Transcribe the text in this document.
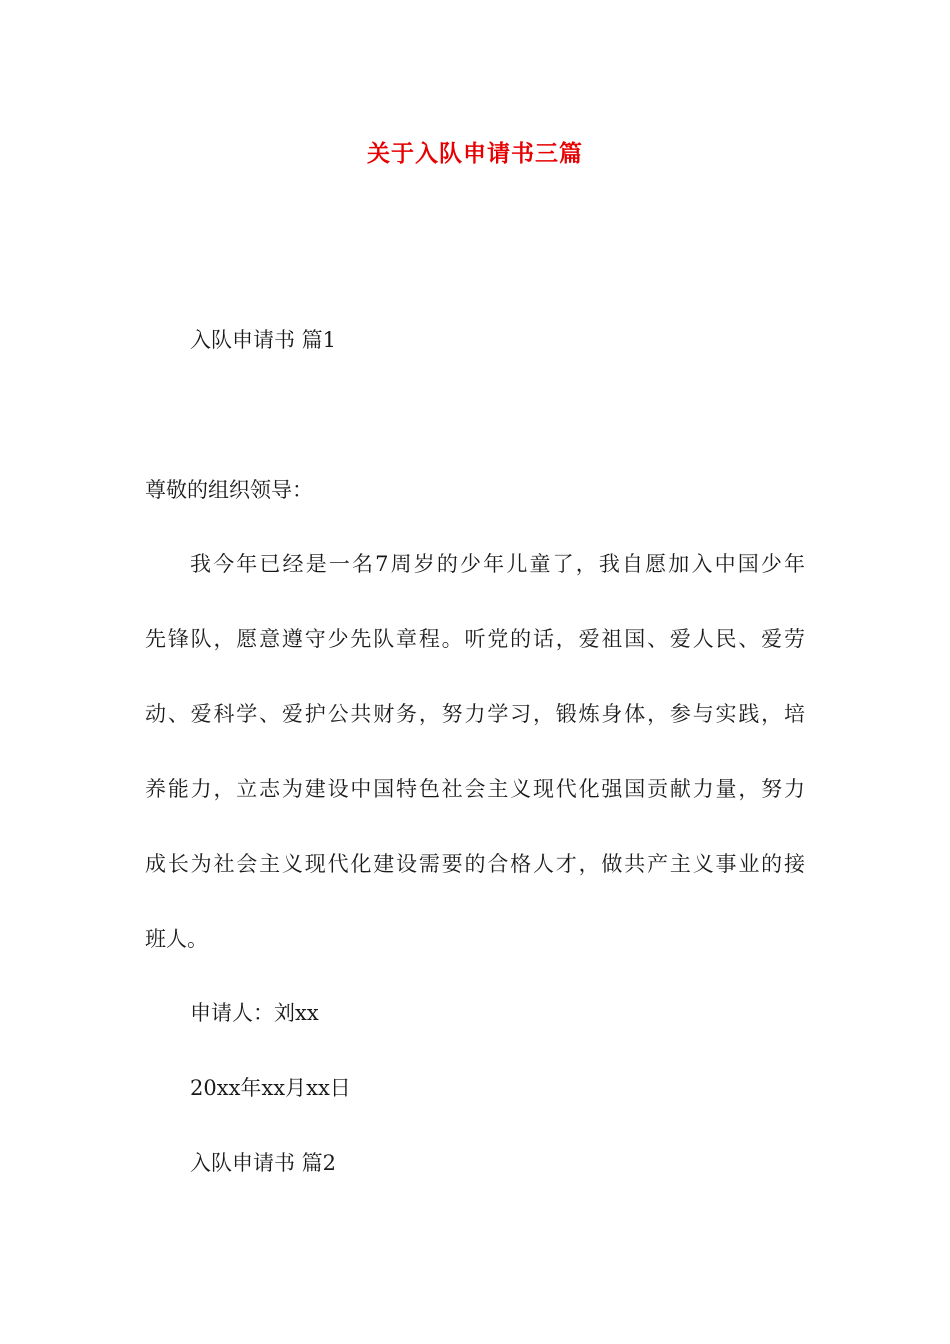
关于入队申请书三篇
入队申请书 篇1
尊敬的组织领导：
我今年已经是一名7周岁的少年儿童了，我自愿加入中国少年
先锋队，愿意遵守少先队章程。听党的话，爱祖国、爱人民、爱劳
动、爱科学、爱护公共财务，努力学习，锻炼身体，参与实践，培
养能力，立志为建设中国特色社会主义现代化强国贡献力量，努力
成长为社会主义现代化建设需要的合格人才，做共产主义事业的接
班人。
申请人：刘xx
20xx年xx月xx日
入队申请书 篇2
